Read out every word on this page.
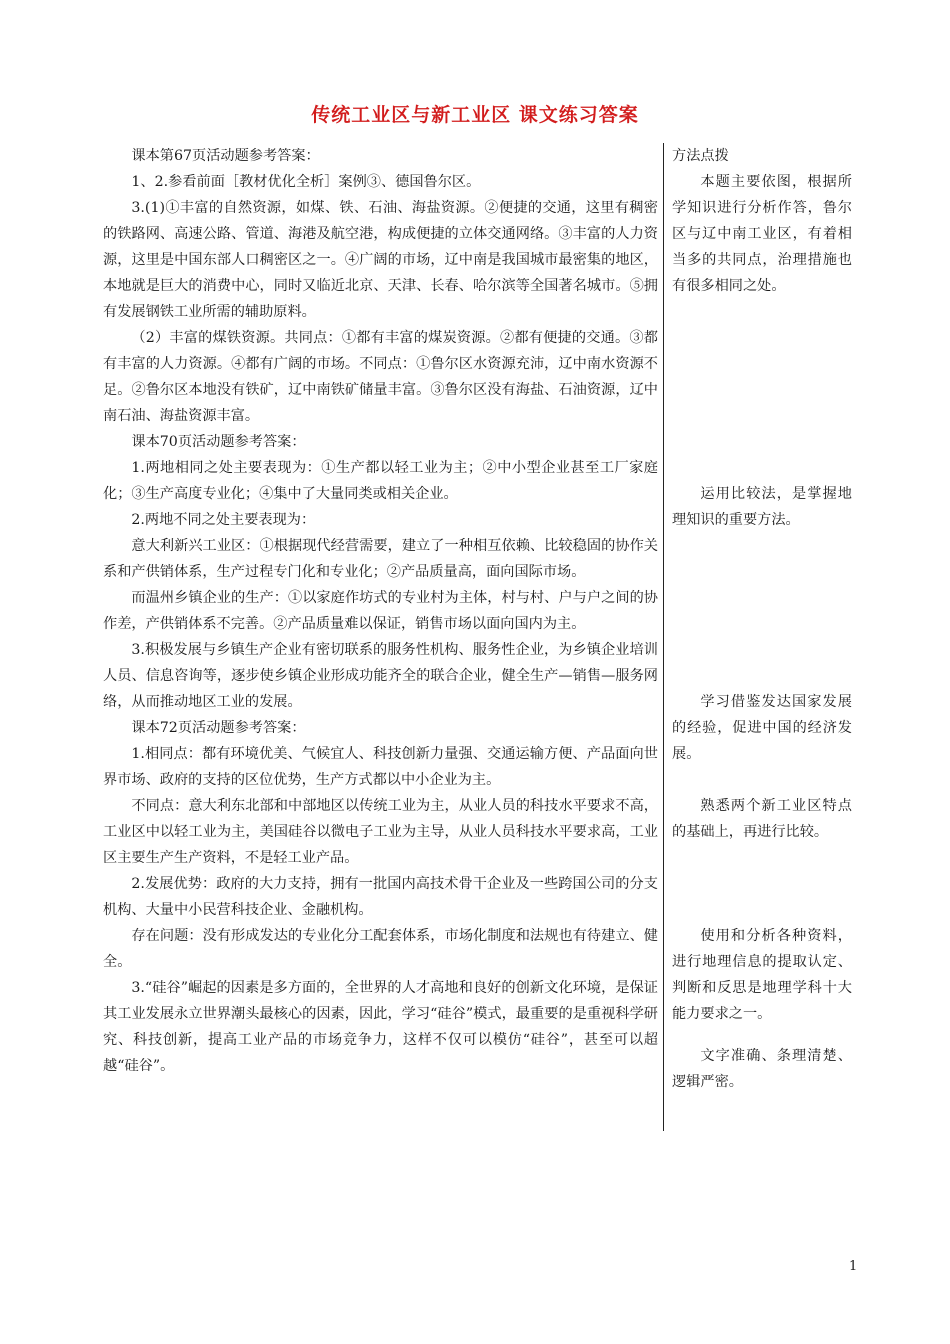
传统工业区与新工业区 课文练习答案

课本第67页活动题参考答案：

1、2.参看前面［教材优化全析］案例③、德国鲁尔区。

3.(1)①丰富的自然资源，如煤、铁、石油、海盐资源。②便捷的交通，这里有稠密的铁路网、高速公路、管道、海港及航空港，构成便捷的立体交通网络。③丰富的人力资源，这里是中国东部人口稠密区之一。④广阔的市场，辽中南是我国城市最密集的地区，本地就是巨大的消费中心，同时又临近北京、天津、长春、哈尔滨等全国著名城市。⑤拥有发展钢铁工业所需的辅助原料。

（2）丰富的煤铁资源。共同点：①都有丰富的煤炭资源。②都有便捷的交通。③都有丰富的人力资源。④都有广阔的市场。不同点：①鲁尔区水资源充沛，辽中南水资源不足。②鲁尔区本地没有铁矿，辽中南铁矿储量丰富。③鲁尔区没有海盐、石油资源，辽中南石油、海盐资源丰富。

课本70页活动题参考答案：

1.两地相同之处主要表现为：①生产都以轻工业为主；②中小型企业甚至工厂家庭化；③生产高度专业化；④集中了大量同类或相关企业。

2.两地不同之处主要表现为：

意大利新兴工业区：①根据现代经营需要，建立了一种相互依赖、比较稳固的协作关系和产供销体系，生产过程专门化和专业化；②产品质量高，面向国际市场。

而温州乡镇企业的生产：①以家庭作坊式的专业村为主体，村与村、户与户之间的协作差，产供销体系不完善。②产品质量难以保证，销售市场以面向国内为主。

3.积极发展与乡镇生产企业有密切联系的服务性机构、服务性企业，为乡镇企业培训人员、信息咨询等，逐步使乡镇企业形成功能齐全的联合企业，健全生产—销售—服务网络，从而推动地区工业的发展。

课本72页活动题参考答案：

1.相同点：都有环境优美、气候宜人、科技创新力量强、交通运输方便、产品面向世界市场、政府的支持的区位优势，生产方式都以中小企业为主。

不同点：意大利东北部和中部地区以传统工业为主，从业人员的科技水平要求不高，工业区中以轻工业为主，美国硅谷以微电子工业为主导，从业人员科技水平要求高，工业区主要生产生产资料，不是轻工业产品。

2.发展优势：政府的大力支持，拥有一批国内高技术骨干企业及一些跨国公司的分支机构、大量中小民营科技企业、金融机构。

存在问题：没有形成发达的专业化分工配套体系，市场化制度和法规也有待建立、健全。

3.“硅谷”崛起的因素是多方面的，全世界的人才高地和良好的创新文化环境，是保证其工业发展永立世界潮头最核心的因素，因此，学习“硅谷”模式，最重要的是重视科学研究、科技创新，提高工业产品的市场竞争力，这样不仅可以模仿“硅谷”，甚至可以超越“硅谷”。

方法点拨

本题主要依图，根据所学知识进行分析作答，鲁尔区与辽中南工业区，有着相当多的共同点，治理措施也有很多相同之处。

运用比较法，是掌握地理知识的重要方法。

学习借鉴发达国家发展的经验，促进中国的经济发展。

熟悉两个新工业区特点的基础上，再进行比较。

使用和分析各种资料，进行地理信息的提取认定、判断和反思是地理学科十大能力要求之一。

文字准确、条理清楚、逻辑严密。

1
